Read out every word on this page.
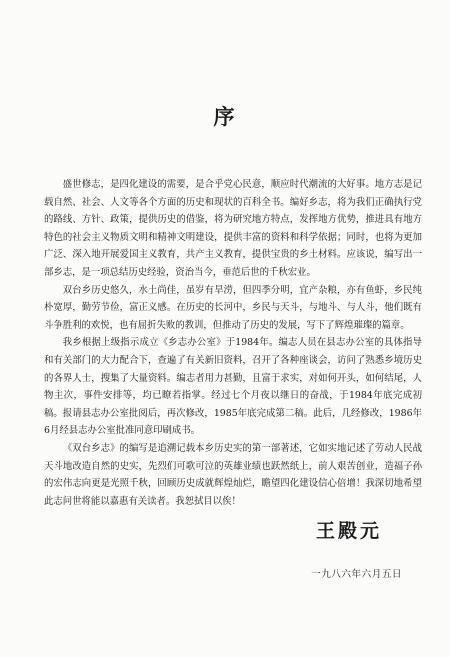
序

盛世修志，是四化建设的需要，是合乎党心民意，顺应时代潮流的大好事。地方志是记载自然、社会、人文等各个方面的历史和现状的百科全书。编好乡志，将为我们正确执行党的路线、方针、政策，提供历史的借鉴，将为研究地方特点，发挥地方优势，推进具有地方特色的社会主义物质文明和精神文明建设，提供丰富的资料和科学依据；同时，也将为更加广泛、深入地开展爱国主义教育，共产主义教育，提供宝贵的乡土材料。应该说，编写出一部乡志，是一项总结历史经验，资治当今，垂范后世的千秋宏业。

双台乡历史悠久，水土尚佳，虽岁有旱涝，但四季分明，宜产杂粮，亦有鱼虾，乡民纯朴宽厚，勤劳节俭，富正义感。在历史的长河中，乡民与天斗，与地斗、与人斗，他们既有斗争胜利的欢悦，也有屈折失败的教训，但推动了历史的发展，写下了辉煌璀璨的篇章。

我乡根据上级指示成立《乡志办公室》于1984年。编志人员在县志办公室的具体指导和有关部门的大力配合下，查遍了有关新旧资料，召开了各种座谈会，访问了熟悉乡境历史的各界人士，搜集了大量资料。编志者用力甚勤，且富于求实，对如何开头，如何结尾，人物主次，事件安排等，均已瞭若指掌。经过七个月夜以继日的奋战，于1984年底完成初稿。报请县志办公室批阅后，再次修改，1985年底完成第二稿。此后，几经修改，1986年6月经县志办公室批准同意印刷成书。

《双台乡志》的编写是追溯记载本乡历史实的第一部著述，它如实地记述了劳动人民战天斗地改造自然的史实，先烈们可歌可泣的英雄业绩也跃然纸上，前人艰苦创业，造福子孙的宏伟志向更是光照千秋，回顾历史成就辉煌灿烂，瞻望四化建设信心倍增！我深切地希望此志问世将能以嘉惠有关读者。我恕拭目以俟！

王殿元
一九八六年六月五日
